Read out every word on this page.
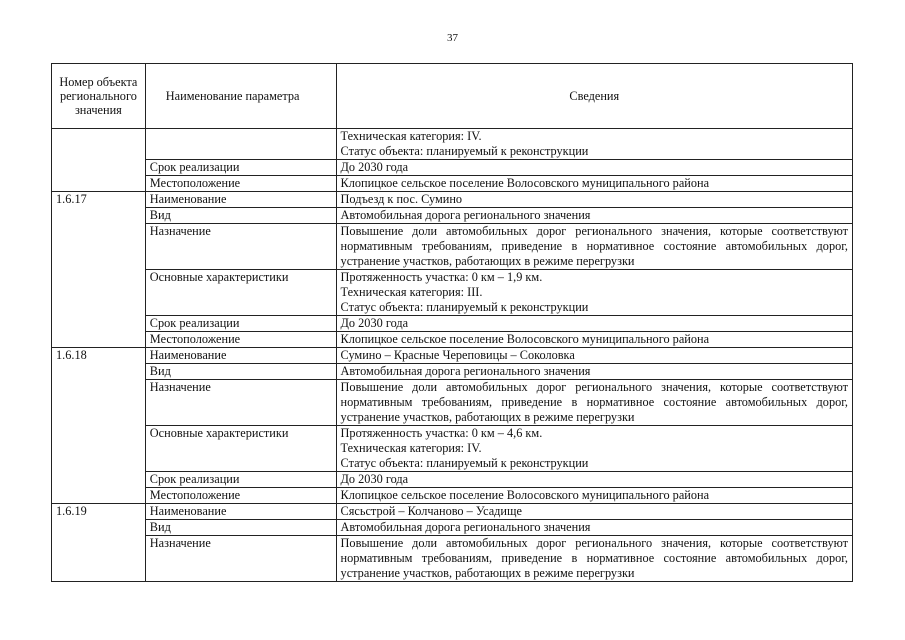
37
Номер объекта регионального значения	Наименование параметра	Сведения

		Техническая категория: IV.
Статус объекта: планируемый к реконструкции

	Срок реализации	До 2030 года
	Местоположение	Клопицкое сельское поселение Волосовского муниципального района
1.6.17	Наименование	Подъезд к пос. Сумино
	Вид	Автомобильная дорога регионального значения
	Назначение	Повышение доли автомобильных дорог регионального значения, которые соответствуют нормативным требованиям, приведение в нормативное состояние автомобильных дорог, устранение участков, работающих в режиме перегрузки
	Основные характеристики	Протяженность участка: 0 км – 1,9 км.
Техническая категория: III.
Статус объекта: планируемый к реконструкции

	Срок реализации	До 2030 года
	Местоположение	Клопицкое сельское поселение Волосовского муниципального района
1.6.18	Наименование	Сумино – Красные Череповицы – Соколовка
	Вид	Автомобильная дорога регионального значения
	Назначение	Повышение доли автомобильных дорог регионального значения, которые соответствуют нормативным требованиям, приведение в нормативное состояние автомобильных дорог, устранение участков, работающих в режиме перегрузки
	Основные характеристики	Протяженность участка: 0 км – 4,6 км.
Техническая категория: IV.
Статус объекта: планируемый к реконструкции

	Срок реализации	До 2030 года
	Местоположение	Клопицкое сельское поселение Волосовского муниципального района
1.6.19	Наименование	Сясьстрой – Колчаново – Усадище
	Вид	Автомобильная дорога регионального значения
	Назначение	Повышение доли автомобильных дорог регионального значения, которые соответствуют нормативным требованиям, приведение в нормативное состояние автомобильных дорог, устранение участков, работающих в режиме перегрузки
